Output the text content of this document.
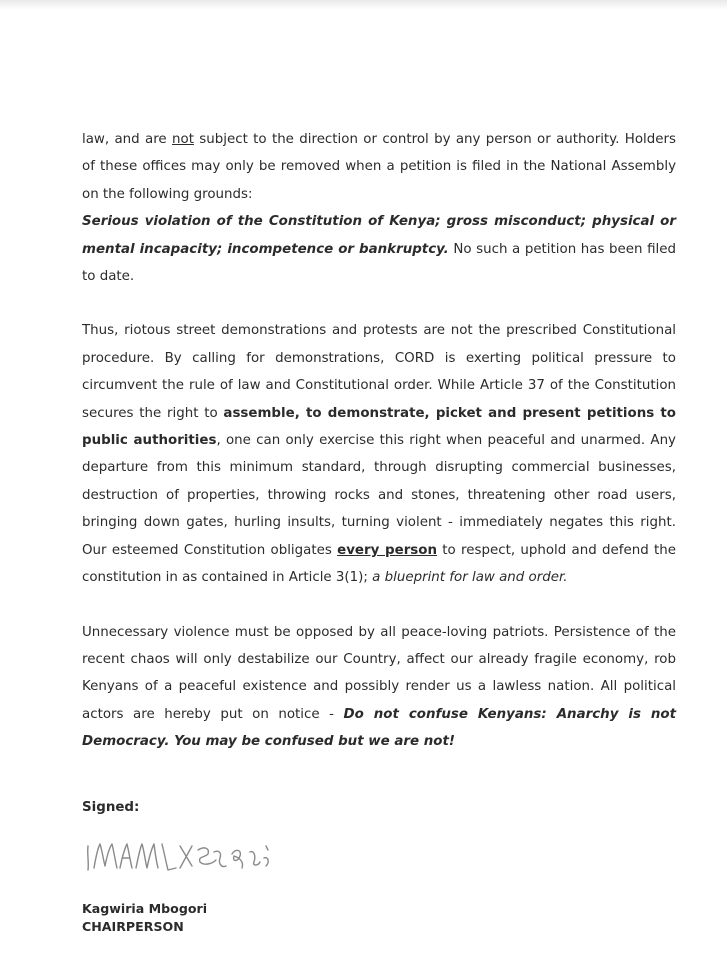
law, and are not subject to the direction or control by any person or authority. Holders of these offices may only be removed when a petition is filed in the National Assembly on the following grounds:
Serious violation of the Constitution of Kenya; gross misconduct; physical or mental incapacity; incompetence or bankruptcy. No such a petition has been filed to date.

Thus, riotous street demonstrations and protests are not the prescribed Constitutional procedure. By calling for demonstrations, CORD is exerting political pressure to circumvent the rule of law and Constitutional order. While Article 37 of the Constitution secures the right to assemble, to demonstrate, picket and present petitions to public authorities, one can only exercise this right when peaceful and unarmed. Any departure from this minimum standard, through disrupting commercial businesses, destruction of properties, throwing rocks and stones, threatening other road users, bringing down gates, hurling insults, turning violent - immediately negates this right. Our esteemed Constitution obligates every person to respect, uphold and defend the constitution in as contained in Article 3(1); a blueprint for law and order.

Unnecessary violence must be opposed by all peace-loving patriots. Persistence of the recent chaos will only destabilize our Country, affect our already fragile economy, rob Kenyans of a peaceful existence and possibly render us a lawless nation. All political actors are hereby put on notice - Do not confuse Kenyans: Anarchy is not Democracy. You may be confused but we are not!

Signed:
Kagwiria Mbogori
CHAIRPERSON
